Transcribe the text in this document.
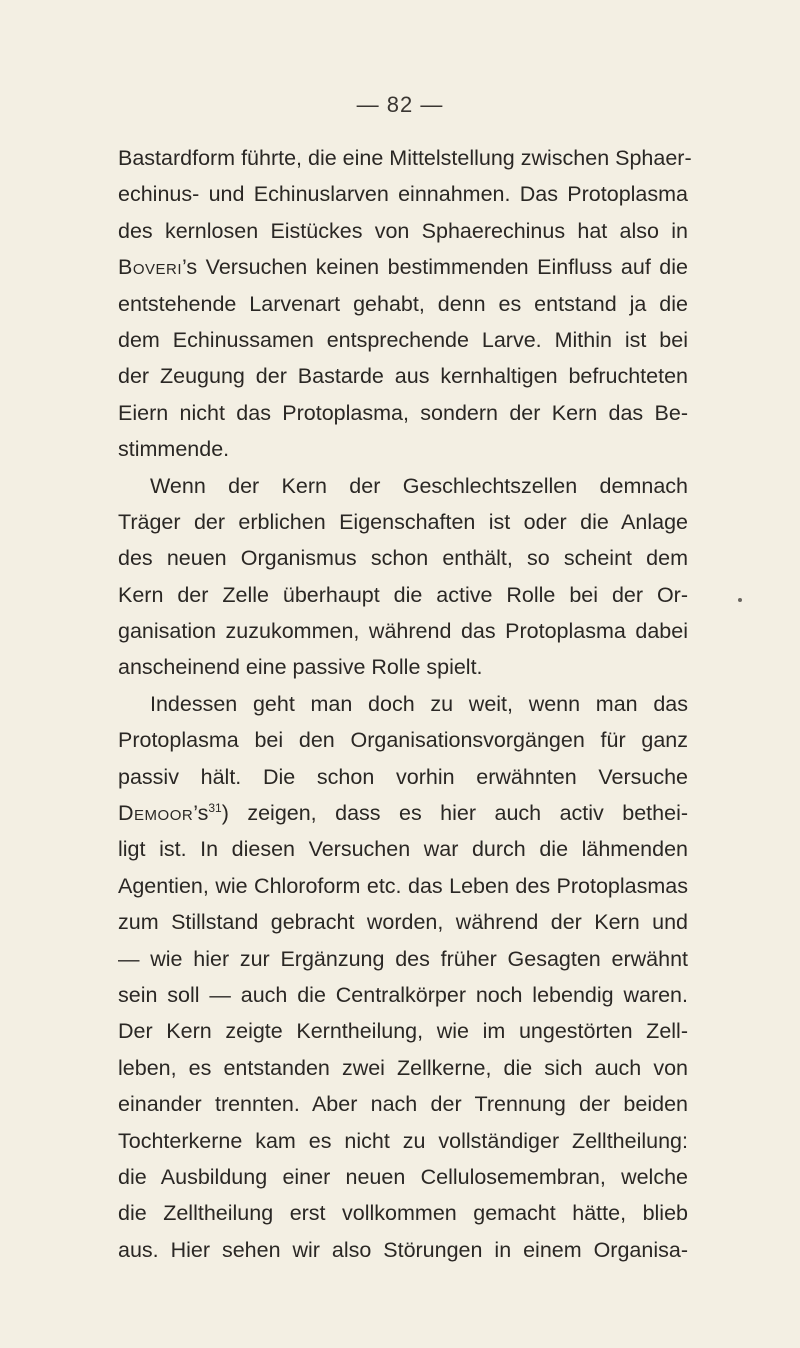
— 82 —
Bastardform führte, die eine Mittelstellung zwischen Sphaer-
echinus- und Echinuslarven einnahmen. Das Protoplasma
des kernlosen Eistückes von Sphaerechinus hat also in
Boveri’s Versuchen keinen bestimmenden Einfluss auf die
entstehende Larvenart gehabt, denn es entstand ja die
dem Echinussamen entsprechende Larve. Mithin ist bei
der Zeugung der Bastarde aus kernhaltigen befruchteten
Eiern nicht das Protoplasma, sondern der Kern das Be-
stimmende.
Wenn der Kern der Geschlechtszellen demnach
Träger der erblichen Eigenschaften ist oder die Anlage
des neuen Organismus schon enthält, so scheint dem
Kern der Zelle überhaupt die active Rolle bei der Or-
ganisation zuzukommen, während das Protoplasma dabei
anscheinend eine passive Rolle spielt.
Indessen geht man doch zu weit, wenn man das
Protoplasma bei den Organisationsvorgängen für ganz
passiv hält. Die schon vorhin erwähnten Versuche
$Demoor’s^{31}$) zeigen, dass es hier auch activ bethei-
ligt ist. In diesen Versuchen war durch die lähmenden
Agentien, wie Chloroform etc. das Leben des Protoplasmas
zum Stillstand gebracht worden, während der Kern und
— wie hier zur Ergänzung des früher Gesagten erwähnt
sein soll — auch die Centralkörper noch lebendig waren.
Der Kern zeigte Kerntheilung, wie im ungestörten Zell-
leben, es entstanden zwei Zellkerne, die sich auch von
einander trennten. Aber nach der Trennung der beiden
Tochterkerne kam es nicht zu vollständiger Zelltheilung:
die Ausbildung einer neuen Cellulosemembran, welche
die Zelltheilung erst vollkommen gemacht hätte, blieb
aus. Hier sehen wir also Störungen in einem Organisa-
